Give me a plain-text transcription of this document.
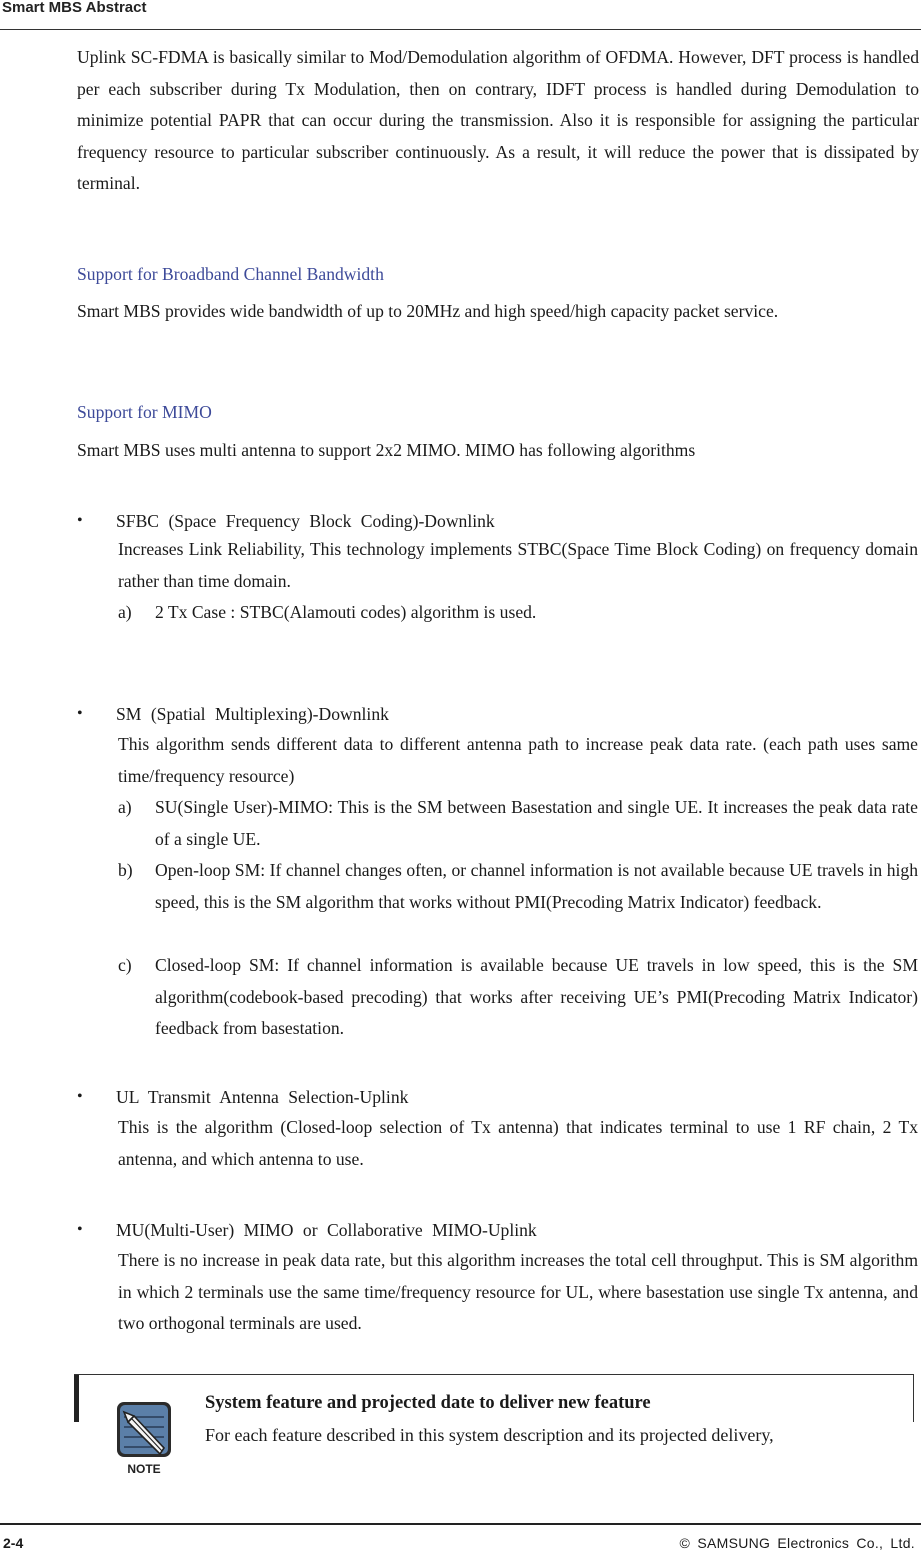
Smart MBS Abstract
Uplink SC-FDMA is basically similar to Mod/Demodulation algorithm of OFDMA. However, DFT process is handled per each subscriber during Tx Modulation, then on contrary, IDFT process is handled during Demodulation to minimize potential PAPR that can occur during the transmission. Also it is responsible for assigning the particular frequency resource to particular subscriber continuously. As a result, it will reduce the power that is dissipated by terminal.
Support for Broadband Channel Bandwidth
Smart MBS provides wide bandwidth of up to 20MHz and high speed/high capacity packet service.
Support for MIMO
Smart MBS uses multi antenna to support 2x2 MIMO. MIMO has following algorithms
•	SFBC (Space Frequency Block Coding)-Downlink
Increases Link Reliability, This technology implements STBC(Space Time Block Coding) on frequency domain rather than time domain.
a)	2 Tx Case : STBC(Alamouti codes) algorithm is used.
•	SM (Spatial Multiplexing)-Downlink
This algorithm sends different data to different antenna path to increase peak data rate. (each path uses same time/frequency resource)
a)	SU(Single User)-MIMO: This is the SM between Basestation and single UE. It increases the peak data rate of a single UE.
b)	Open-loop SM: If channel changes often, or channel information is not available because UE travels in high speed, this is the SM algorithm that works without PMI(Precoding Matrix Indicator) feedback.
c)	Closed-loop SM: If channel information is available because UE travels in low speed, this is the SM algorithm(codebook-based precoding) that works after receiving UE’s PMI(Precoding Matrix Indicator) feedback from basestation.
•	UL Transmit Antenna Selection-Uplink
This is the algorithm (Closed-loop selection of Tx antenna) that indicates terminal to use 1 RF chain, 2 Tx antenna, and which antenna to use.
•	MU(Multi-User) MIMO or Collaborative MIMO-Uplink
There is no increase in peak data rate, but this algorithm increases the total cell throughput. This is SM algorithm in which 2 terminals use the same time/frequency resource for UL, where basestation use single Tx antenna, and two orthogonal terminals are used.
NOTE
System feature and projected date to deliver new feature
For each feature described in this system description and its projected delivery,
2-4	© SAMSUNG Electronics Co., Ltd.
